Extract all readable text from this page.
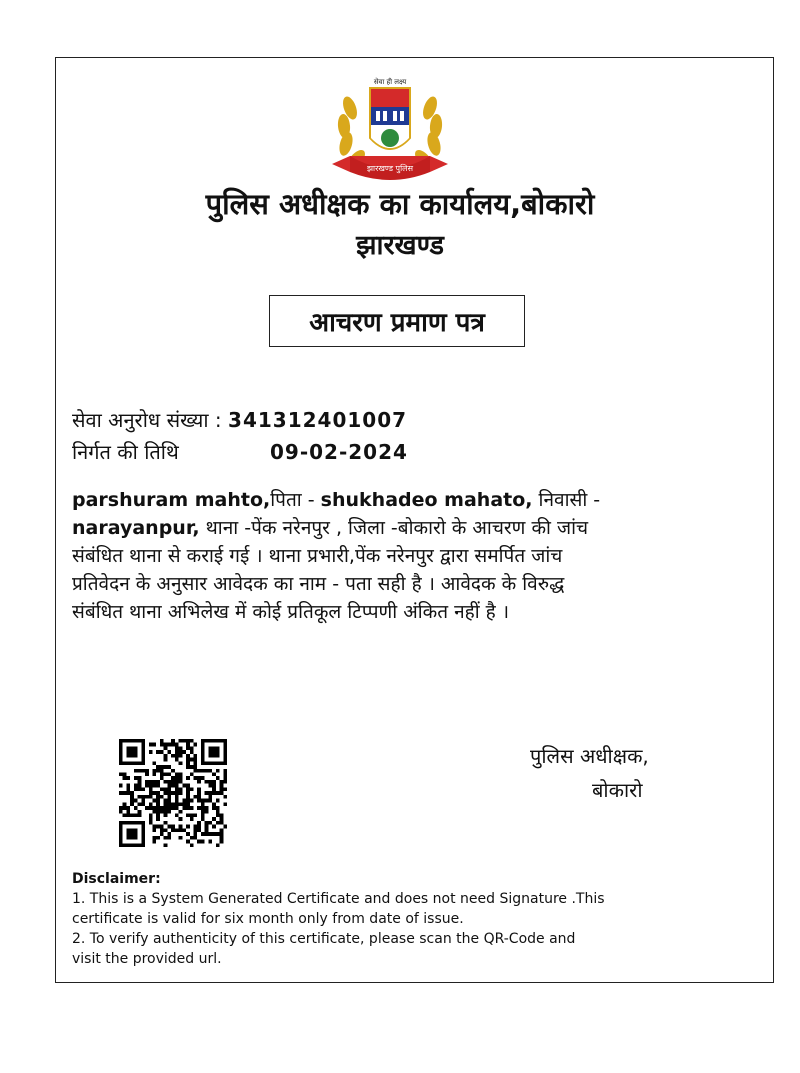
सेवा ही लक्ष्य
झारखण्ड पुलिस
पुलिस अधीक्षक का कार्यालय,बोकारो
झारखण्ड
आचरण प्रमाण पत्र
सेवा अनुरोध संख्या : 341312401007
निर्गत की तिथि	09-02-2024
parshuram mahto,पिता - shukhadeo mahato, निवासी -
narayanpur, थाना -पेंक नरेनपुर , जिला -बोकारो के आचरण की जांच
संबंधित थाना से कराई गई । थाना प्रभारी,पेंक नरेनपुर द्वारा समर्पित जांच
प्रतिवेदन के अनुसार आवेदक का नाम - पता सही है । आवेदक के विरुद्ध
संबंधित थाना अभिलेख में कोई प्रतिकूल टिप्पणी अंकित नहीं है ।
पुलिस अधीक्षक,
बोकारो
Disclaimer:
1. This is a System Generated Certificate and does not need Signature .This
certificate is valid for six month only from date of issue.
2. To verify authenticity of this certificate, please scan the QR-Code and
visit the provided url.
